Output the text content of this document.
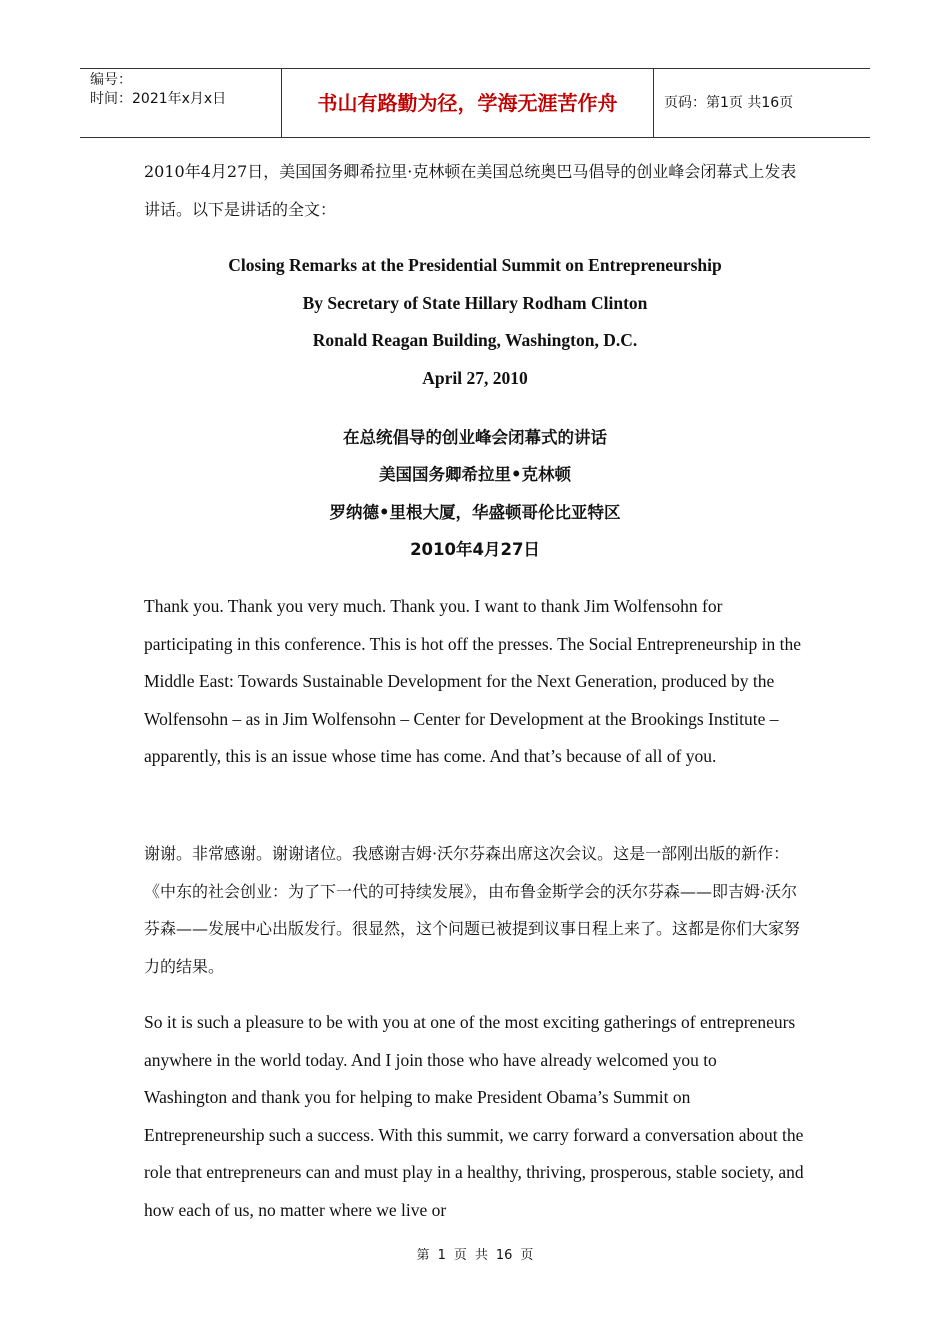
编号：
时间：2021年x月x日	书山有路勤为径，学海无涯苦作舟	页码：第1页 共16页
2010年4月27日，美国国务卿希拉里·克林顿在美国总统奥巴马倡导的创业峰会闭幕式上发表讲话。以下是讲话的全文：
Closing Remarks at the Presidential Summit on Entrepreneurship
By Secretary of State Hillary Rodham Clinton
Ronald Reagan Building, Washington, D.C.
April 27, 2010
在总统倡导的创业峰会闭幕式的讲话
美国国务卿希拉里•克林顿
罗纳德•里根大厦，华盛顿哥伦比亚特区
2010年4月27日
Thank you. Thank you very much. Thank you. I want to thank Jim Wolfensohn for participating in this conference. This is hot off the presses. The Social Entrepreneurship in the Middle East: Towards Sustainable Development for the Next Generation, produced by the Wolfensohn – as in Jim Wolfensohn – Center for Development at the Brookings Institute – apparently, this is an issue whose time has come. And that’s because of all of you.
谢谢。非常感谢。谢谢诸位。我感谢吉姆·沃尔芬森出席这次会议。这是一部刚出版的新作：《中东的社会创业：为了下一代的可持续发展》，由布鲁金斯学会的沃尔芬森——即吉姆·沃尔芬森——发展中心出版发行。很显然，这个问题已被提到议事日程上来了。这都是你们大家努力的结果。
So it is such a pleasure to be with you at one of the most exciting gatherings of entrepreneurs anywhere in the world today. And I join those who have already welcomed you to Washington and thank you for helping to make President Obama’s Summit on Entrepreneurship such a success. With this summit, we carry forward a conversation about the role that entrepreneurs can and must play in a healthy, thriving, prosperous, stable society, and how each of us, no matter where we live or
第 1 页 共 16 页
